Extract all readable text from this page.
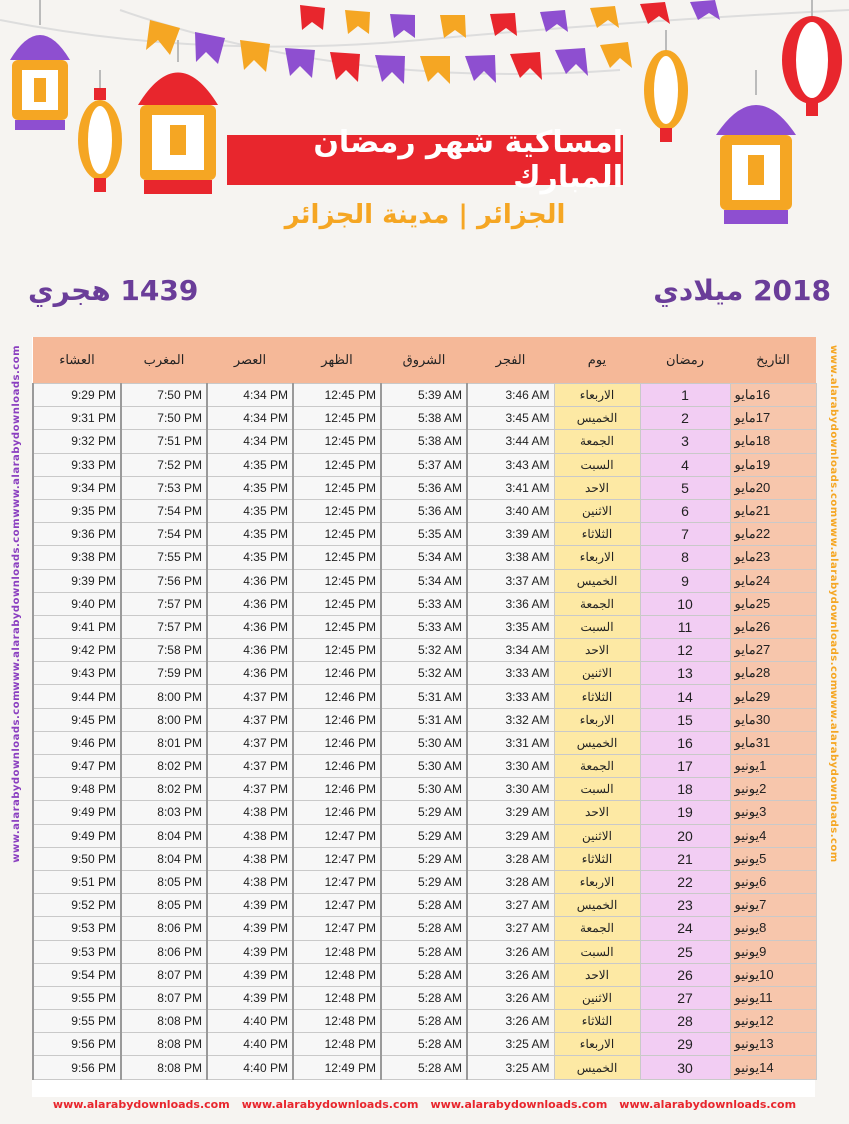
امساكية شهر رمضان المبارك
الجزائر | مدينة الجزائر
1439 هجري	2018 ميلادي
www.alarabydownloads.com
www.alarabydownloads.com
www.alarabydownloads.com
www.alarabydownloads.com
www.alarabydownloads.com
www.alarabydownloads.com
العشاء	المغرب	العصر	الظهر	الشروق	الفجر	يوم	رمضان	التاريخ
9:29 PM	7:50 PM	4:34 PM	12:45 PM	5:39 AM	3:46 AM	الاربعاء	1	16مايو
9:31 PM	7:50 PM	4:34 PM	12:45 PM	5:38 AM	3:45 AM	الخميس	2	17مايو
9:32 PM	7:51 PM	4:34 PM	12:45 PM	5:38 AM	3:44 AM	الجمعة	3	18مايو
9:33 PM	7:52 PM	4:35 PM	12:45 PM	5:37 AM	3:43 AM	السبت	4	19مايو
9:34 PM	7:53 PM	4:35 PM	12:45 PM	5:36 AM	3:41 AM	الاحد	5	20مايو
9:35 PM	7:54 PM	4:35 PM	12:45 PM	5:36 AM	3:40 AM	الاثنين	6	21مايو
9:36 PM	7:54 PM	4:35 PM	12:45 PM	5:35 AM	3:39 AM	الثلاثاء	7	22مايو
9:38 PM	7:55 PM	4:35 PM	12:45 PM	5:34 AM	3:38 AM	الاربعاء	8	23مايو
9:39 PM	7:56 PM	4:36 PM	12:45 PM	5:34 AM	3:37 AM	الخميس	9	24مايو
9:40 PM	7:57 PM	4:36 PM	12:45 PM	5:33 AM	3:36 AM	الجمعة	10	25مايو
9:41 PM	7:57 PM	4:36 PM	12:45 PM	5:33 AM	3:35 AM	السبت	11	26مايو
9:42 PM	7:58 PM	4:36 PM	12:45 PM	5:32 AM	3:34 AM	الاحد	12	27مايو
9:43 PM	7:59 PM	4:36 PM	12:46 PM	5:32 AM	3:33 AM	الاثنين	13	28مايو
9:44 PM	8:00 PM	4:37 PM	12:46 PM	5:31 AM	3:33 AM	الثلاثاء	14	29مايو
9:45 PM	8:00 PM	4:37 PM	12:46 PM	5:31 AM	3:32 AM	الاربعاء	15	30مايو
9:46 PM	8:01 PM	4:37 PM	12:46 PM	5:30 AM	3:31 AM	الخميس	16	31مايو
9:47 PM	8:02 PM	4:37 PM	12:46 PM	5:30 AM	3:30 AM	الجمعة	17	1يونيو
9:48 PM	8:02 PM	4:37 PM	12:46 PM	5:30 AM	3:30 AM	السبت	18	2يونيو
9:49 PM	8:03 PM	4:38 PM	12:46 PM	5:29 AM	3:29 AM	الاحد	19	3يونيو
9:49 PM	8:04 PM	4:38 PM	12:47 PM	5:29 AM	3:29 AM	الاثنين	20	4يونيو
9:50 PM	8:04 PM	4:38 PM	12:47 PM	5:29 AM	3:28 AM	الثلاثاء	21	5يونيو
9:51 PM	8:05 PM	4:38 PM	12:47 PM	5:29 AM	3:28 AM	الاربعاء	22	6يونيو
9:52 PM	8:05 PM	4:39 PM	12:47 PM	5:28 AM	3:27 AM	الخميس	23	7يونيو
9:53 PM	8:06 PM	4:39 PM	12:47 PM	5:28 AM	3:27 AM	الجمعة	24	8يونيو
9:53 PM	8:06 PM	4:39 PM	12:48 PM	5:28 AM	3:26 AM	السبت	25	9يونيو
9:54 PM	8:07 PM	4:39 PM	12:48 PM	5:28 AM	3:26 AM	الاحد	26	10يونيو
9:55 PM	8:07 PM	4:39 PM	12:48 PM	5:28 AM	3:26 AM	الاثنين	27	11يونيو
9:55 PM	8:08 PM	4:40 PM	12:48 PM	5:28 AM	3:26 AM	الثلاثاء	28	12يونيو
9:56 PM	8:08 PM	4:40 PM	12:48 PM	5:28 AM	3:25 AM	الاربعاء	29	13يونيو
9:56 PM	8:08 PM	4:40 PM	12:49 PM	5:28 AM	3:25 AM	الخميس	30	14يونيو
www.alarabydownloads.com www.alarabydownloads.com www.alarabydownloads.com www.alarabydownloads.com
